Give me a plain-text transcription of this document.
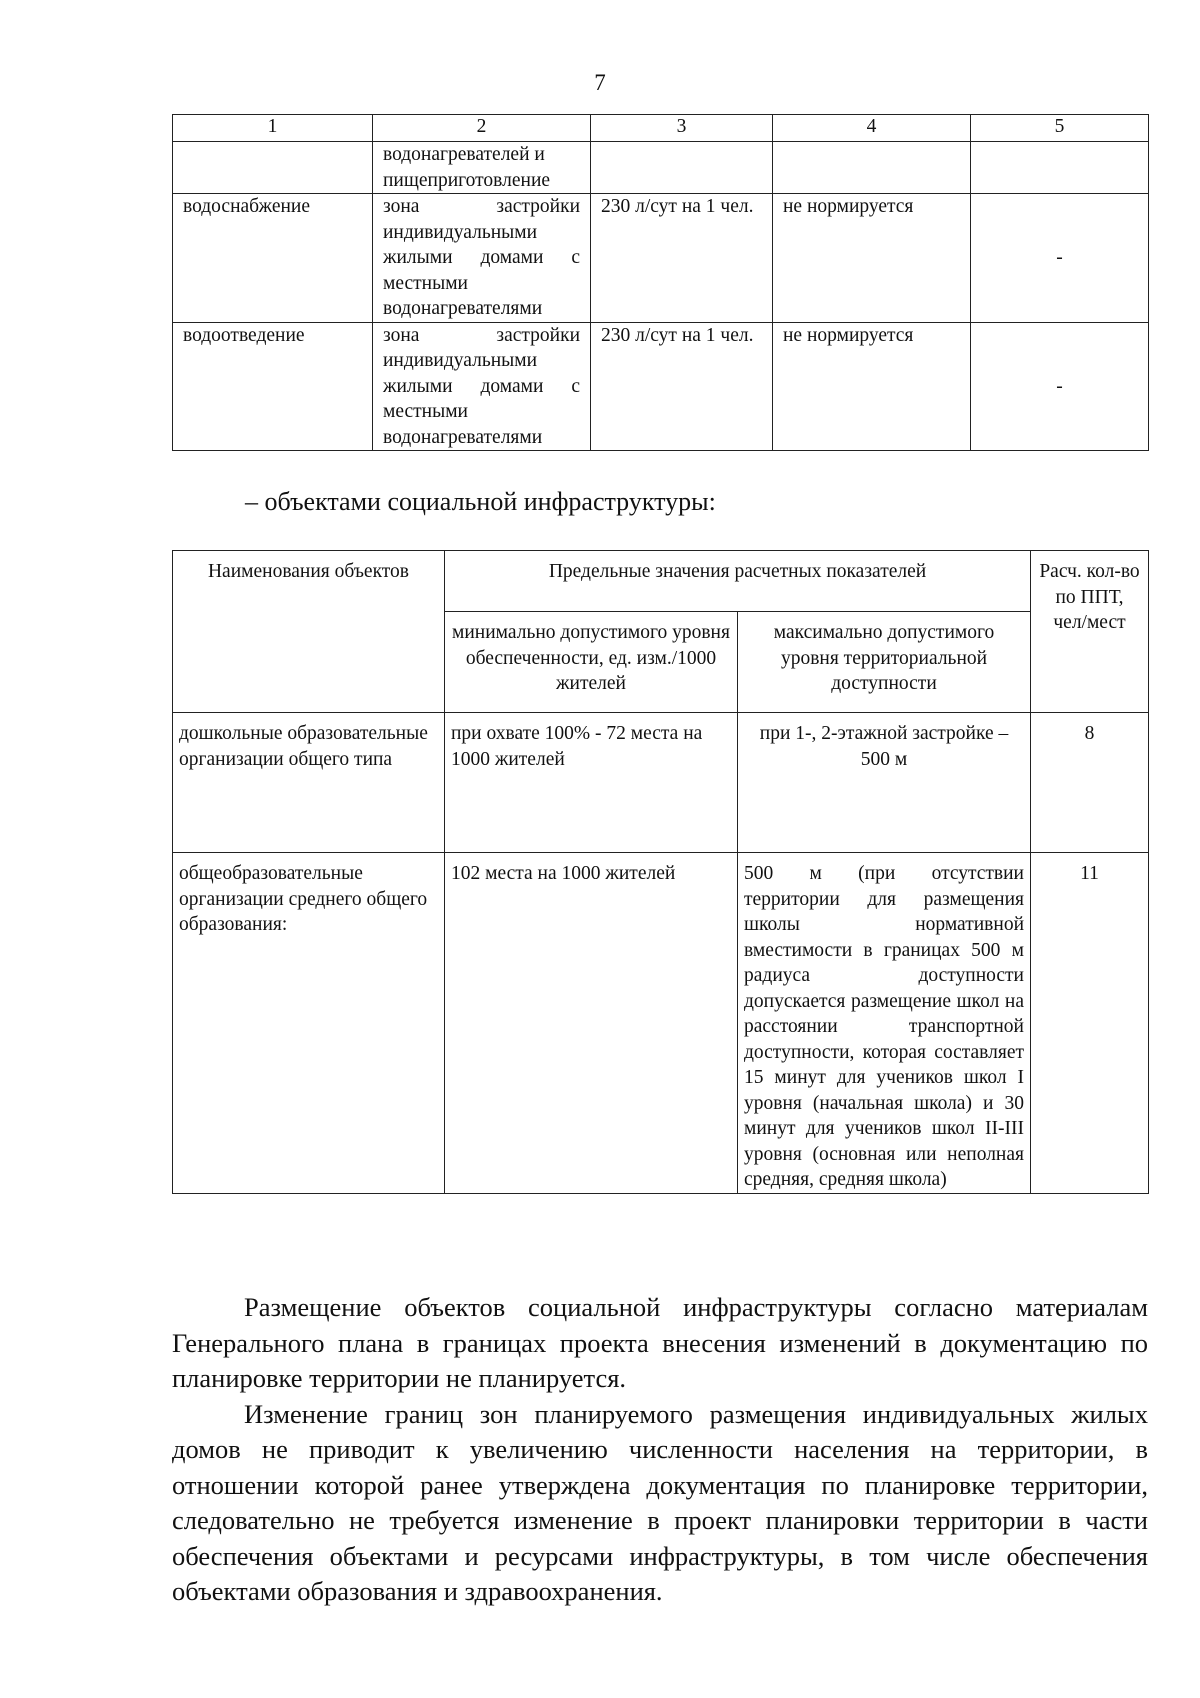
7
1	2	3	4	5
	водонагревателей и пищеприготовление			
водоснабжение	зона застройки индивидуальными жилыми домами с местными водонагревателями	230 л/сут на 1 чел.	не нормируется	-
водоотведение	зона застройки индивидуальными жилыми домами с местными водонагревателями	230 л/сут на 1 чел.	не нормируется	-
– объектами социальной инфраструктуры:
Наименования объектов	Предельные значения расчетных показателей		Расч. кол-во по ППТ, чел/мест
	минимально допустимого уровня обеспеченности, ед. изм./1000 жителей	максимально допустимого уровня территориальной доступности	
дошкольные образовательные организации общего типа	при охвате 100% - 72 места на 1000 жителей	при 1-, 2-этажной застройке – 500 м	8
общеобразовательные организации среднего общего образования:	102 места на 1000 жителей	500 м (при отсутствии территории для размещения школы нормативной вместимости в границах 500 м радиуса доступности допускается размещение школ на расстоянии транспортной доступности, которая составляет 15 минут для учеников школ I уровня (начальная школа) и 30 минут для учеников школ II-III уровня (основная или неполная средняя, средняя школа)	11

Размещение объектов социальной инфраструктуры согласно материалам Генерального плана в границах проекта внесения изменений в документацию по планировке территории не планируется.

Изменение границ зон планируемого размещения индивидуальных жилых домов не приводит к увеличению численности населения на территории, в отношении которой ранее утверждена документация по планировке территории, следовательно не требуется изменение в проект планировки территории в части обеспечения объектами и ресурсами инфраструктуры, в том числе обеспечения объектами образования и здравоохранения.
